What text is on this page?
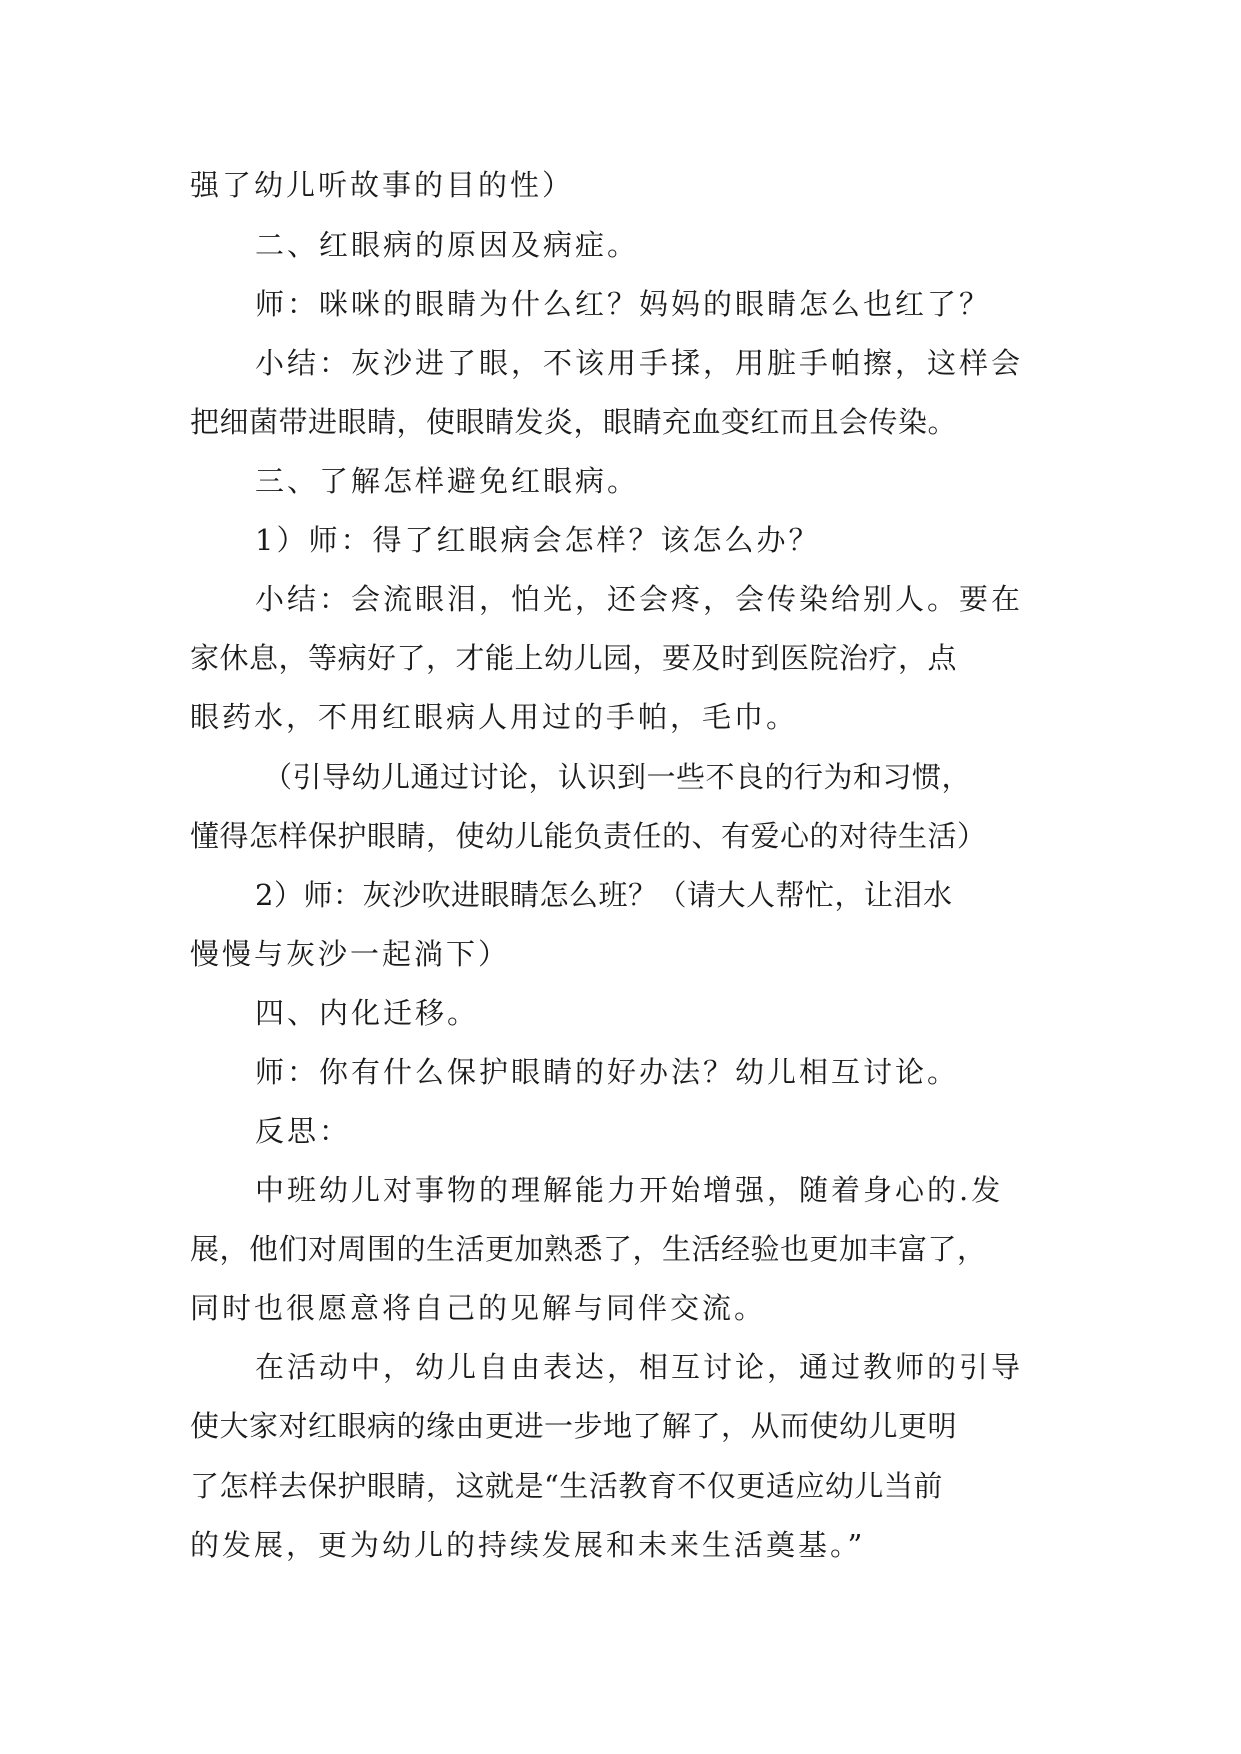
强了幼儿听故事的目的性）
二、红眼病的原因及病症。
师：咪咪的眼睛为什么红？妈妈的眼睛怎么也红了？
小结：灰沙进了眼，不该用手揉，用脏手帕擦，这样会
把细菌带进眼睛，使眼睛发炎，眼睛充血变红而且会传染。
三、了解怎样避免红眼病。
1）师：得了红眼病会怎样？该怎么办？
小结：会流眼泪，怕光，还会疼，会传染给别人。要在
家休息，等病好了，才能上幼儿园，要及时到医院治疗，点
眼药水，不用红眼病人用过的手帕，毛巾。
（引导幼儿通过讨论，认识到一些不良的行为和习惯，
懂得怎样保护眼睛，使幼儿能负责任的、有爱心的对待生活）
2）师：灰沙吹进眼睛怎么班？（请大人帮忙，让泪水
慢慢与灰沙一起淌下）
四、内化迁移。
师：你有什么保护眼睛的好办法？幼儿相互讨论。
反思：
中班幼儿对事物的理解能力开始增强，随着身心的.发
展，他们对周围的生活更加熟悉了，生活经验也更加丰富了，
同时也很愿意将自己的见解与同伴交流。
在活动中，幼儿自由表达，相互讨论，通过教师的引导
使大家对红眼病的缘由更进一步地了解了，从而使幼儿更明
了怎样去保护眼睛，这就是“生活教育不仅更适应幼儿当前
的发展，更为幼儿的持续发展和未来生活奠基。”
